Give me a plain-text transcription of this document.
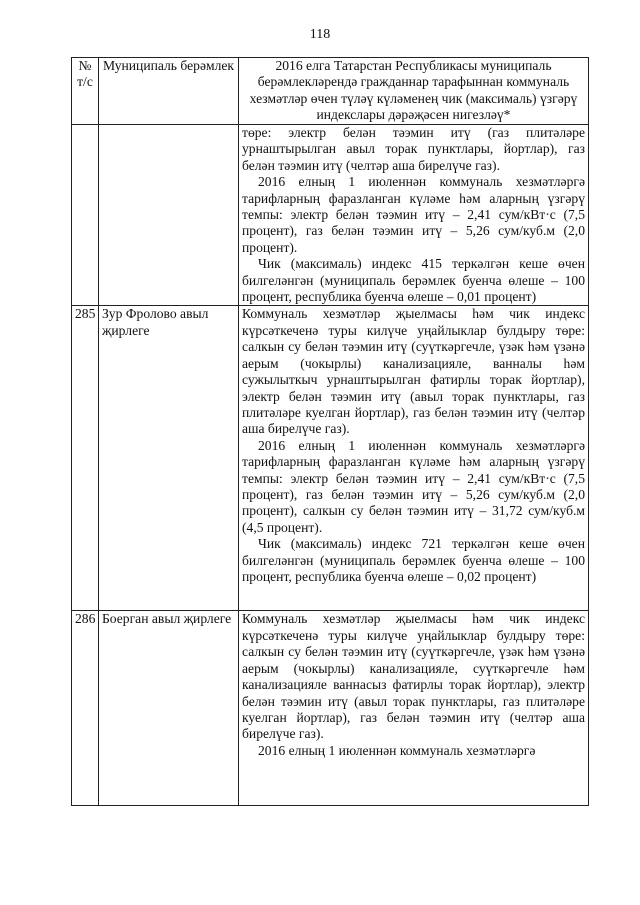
118
№ т/с	Муниципаль берәмлек	2016 елга Татарстан Республикасы муниципаль берәмлекләрендә гражданнар тарафыннан коммуналь хезмәтләр өчен түләү күләменең чик (максималь) үзгәрү индекслары дәрәҗәсен нигезләү*

		төре: электр белән тәэмин итү (газ плитәләре урнаштырылган авыл торак пунктлары, йортлар), газ белән тәэмин итү (челтәр аша бирелүче газ).

2016 елның 1 июленнән коммуналь хезмәтләргә тарифларның фаразланган күләме һәм аларның үзгәрү темпы: электр белән тәэмин итү – 2,41 сум/кВт·с (7,5 процент), газ белән тәэмин итү – 5,26 сум/куб.м (2,0 процент).

Чик (максималь) индекс 415 теркәлгән кеше өчен билгеләнгән (муниципаль берәмлек буенча өлеше – 100 процент, республика буенча өлеше – 0,01 процент)

285	Зур Фролово авыл җирлеге	Коммуналь хезмәтләр җыелмасы һәм чик индекс күрсәткеченә туры килүче уңайлыклар булдыру төре: салкын су белән тәэмин итү (суүткәргечле, үзәк һәм үзәнә аерым (чокырлы) канализацияле, ванналы һәм сужылыткыч урнаштырылган фатирлы торак йортлар), электр белән тәэмин итү (авыл торак пунктлары, газ плитәләре куелган йортлар), газ белән тәэмин итү (челтәр аша бирелүче газ).

2016 елның 1 июленнән коммуналь хезмәтләргә тарифларның фаразланган күләме һәм аларның үзгәрү темпы: электр белән тәэмин итү – 2,41 сум/кВт·с (7,5 процент), газ белән тәэмин итү – 5,26 сум/куб.м (2,0 процент), салкын су белән тәэмин итү – 31,72 сум/куб.м (4,5 процент).

Чик (максималь) индекс 721 теркәлгән кеше өчен билгеләнгән (муниципаль берәмлек буенча өлеше – 100 процент, республика буенча өлеше – 0,02 процент)

286	Боерган авыл җирлеге	Коммуналь хезмәтләр җыелмасы һәм чик индекс күрсәткеченә туры килүче уңайлыклар булдыру төре: салкын су белән тәэмин итү (суүткәргечле, үзәк һәм үзәнә аерым (чокырлы) канализацияле, суүткәргечле һәм канализацияле ваннасыз фатирлы торак йортлар), электр белән тәэмин итү (авыл торак пунктлары, газ плитәләре куелган йортлар), газ белән тәэмин итү (челтәр аша бирелүче газ).

2016 елның 1 июленнән коммуналь хезмәтләргә
